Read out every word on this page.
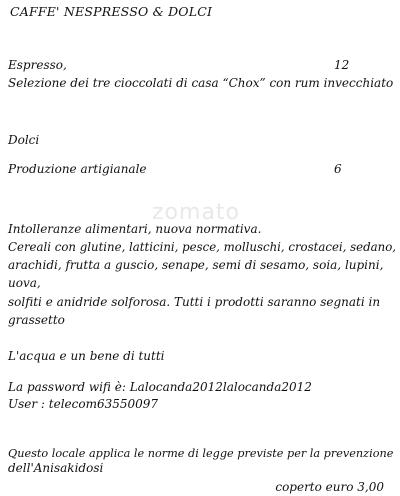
CAFFE' NESPRESSO & DOLCI
Espresso,	12
Selezione dei tre cioccolati di casa “Chox” con rum invecchiato
Dolci
Produzione artigianale	6
zomato
Intolleranze alimentari, nuova normativa.
Cereali con glutine, latticini, pesce, molluschi, crostacei, sedano,
arachidi, frutta a guscio, senape, semi di sesamo, soia, lupini,
uova,
solfiti e anidride solforosa. Tutti i prodotti saranno segnati in
grassetto
L'acqua e un bene di tutti
La password wifi è: Lalocanda2012lalocanda2012
User : telecom63550097
Questo locale applica le norme di legge previste per la prevenzione
dell'Anisakidosi
coperto euro 3,00
